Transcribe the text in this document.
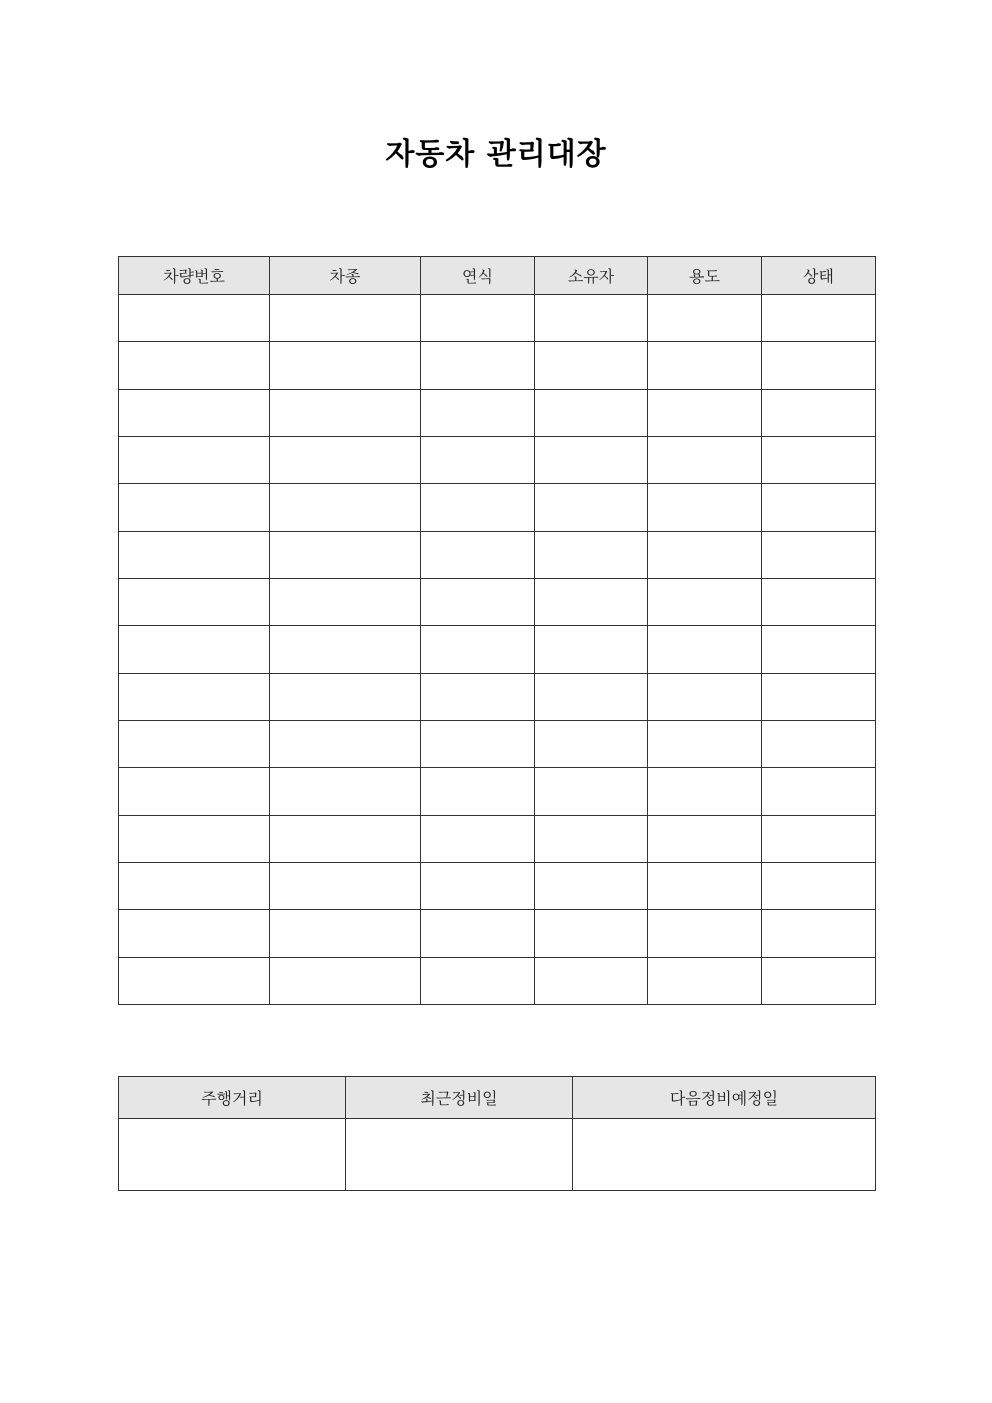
자동차 관리대장
차량번호	차종	연식	소유자	용도	상태

주행거리	최근정비일	다음정비예정일
